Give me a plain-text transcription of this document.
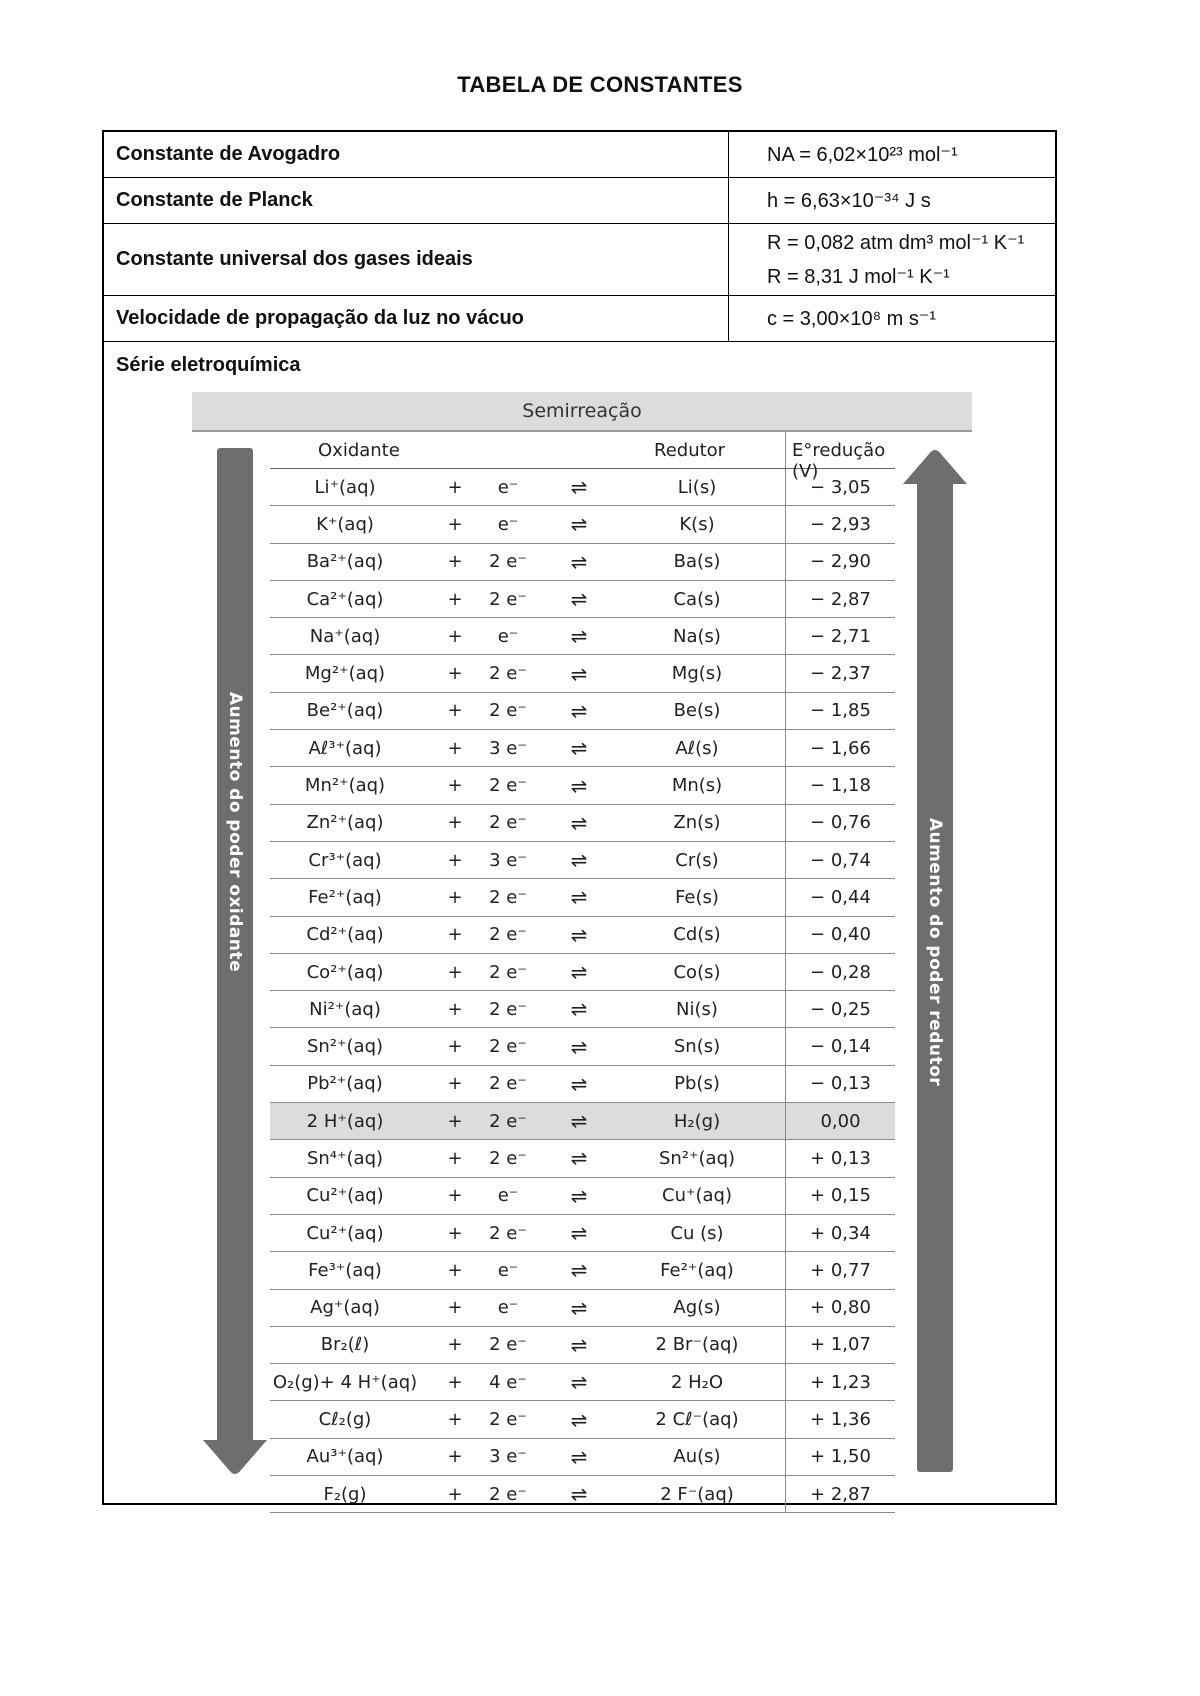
TABELA DE CONSTANTES
Constante de Avogadro	NA = 6,02×10²³ mol⁻¹
Constante de Planck	h = 6,63×10⁻³⁴ J s
Constante universal dos gases ideais
R = 0,082 atm dm³ mol⁻¹ K⁻¹
R = 8,31 J mol⁻¹ K⁻¹
Velocidade de propagação da luz no vácuo	c = 3,00×10⁸ m s⁻¹
Série eletroquímica
Semirreação
Aumento do poder oxidante	Aumento do poder redutor
Oxidante	Redutor	E°redução (V)
Li⁺(aq)	+	e⁻	⇌	Li(s)	− 3,05
K⁺(aq)	+	e⁻	⇌	K(s)	− 2,93
Ba²⁺(aq)	+	2 e⁻	⇌	Ba(s)	− 2,90
Ca²⁺(aq)	+	2 e⁻	⇌	Ca(s)	− 2,87
Na⁺(aq)	+	e⁻	⇌	Na(s)	− 2,71
Mg²⁺(aq)	+	2 e⁻	⇌	Mg(s)	− 2,37
Be²⁺(aq)	+	2 e⁻	⇌	Be(s)	− 1,85
Aℓ³⁺(aq)	+	3 e⁻	⇌	Aℓ(s)	− 1,66
Mn²⁺(aq)	+	2 e⁻	⇌	Mn(s)	− 1,18
Zn²⁺(aq)	+	2 e⁻	⇌	Zn(s)	− 0,76
Cr³⁺(aq)	+	3 e⁻	⇌	Cr(s)	− 0,74
Fe²⁺(aq)	+	2 e⁻	⇌	Fe(s)	− 0,44
Cd²⁺(aq)	+	2 e⁻	⇌	Cd(s)	− 0,40
Co²⁺(aq)	+	2 e⁻	⇌	Co(s)	− 0,28
Ni²⁺(aq)	+	2 e⁻	⇌	Ni(s)	− 0,25
Sn²⁺(aq)	+	2 e⁻	⇌	Sn(s)	− 0,14
Pb²⁺(aq)	+	2 e⁻	⇌	Pb(s)	− 0,13
2 H⁺(aq)	+	2 e⁻	⇌	H₂(g)	0,00
Sn⁴⁺(aq)	+	2 e⁻	⇌	Sn²⁺(aq)	+ 0,13
Cu²⁺(aq)	+	e⁻	⇌	Cu⁺(aq)	+ 0,15
Cu²⁺(aq)	+	2 e⁻	⇌	Cu (s)	+ 0,34
Fe³⁺(aq)	+	e⁻	⇌	Fe²⁺(aq)	+ 0,77
Ag⁺(aq)	+	e⁻	⇌	Ag(s)	+ 0,80
Br₂(ℓ)	+	2 e⁻	⇌	2 Br⁻(aq)	+ 1,07
O₂(g)+ 4 H⁺(aq)	+	4 e⁻	⇌	2 H₂O	+ 1,23
Cℓ₂(g)	+	2 e⁻	⇌	2 Cℓ⁻(aq)	+ 1,36
Au³⁺(aq)	+	3 e⁻	⇌	Au(s)	+ 1,50
F₂(g)	+	2 e⁻	⇌	2 F⁻(aq)	+ 2,87
